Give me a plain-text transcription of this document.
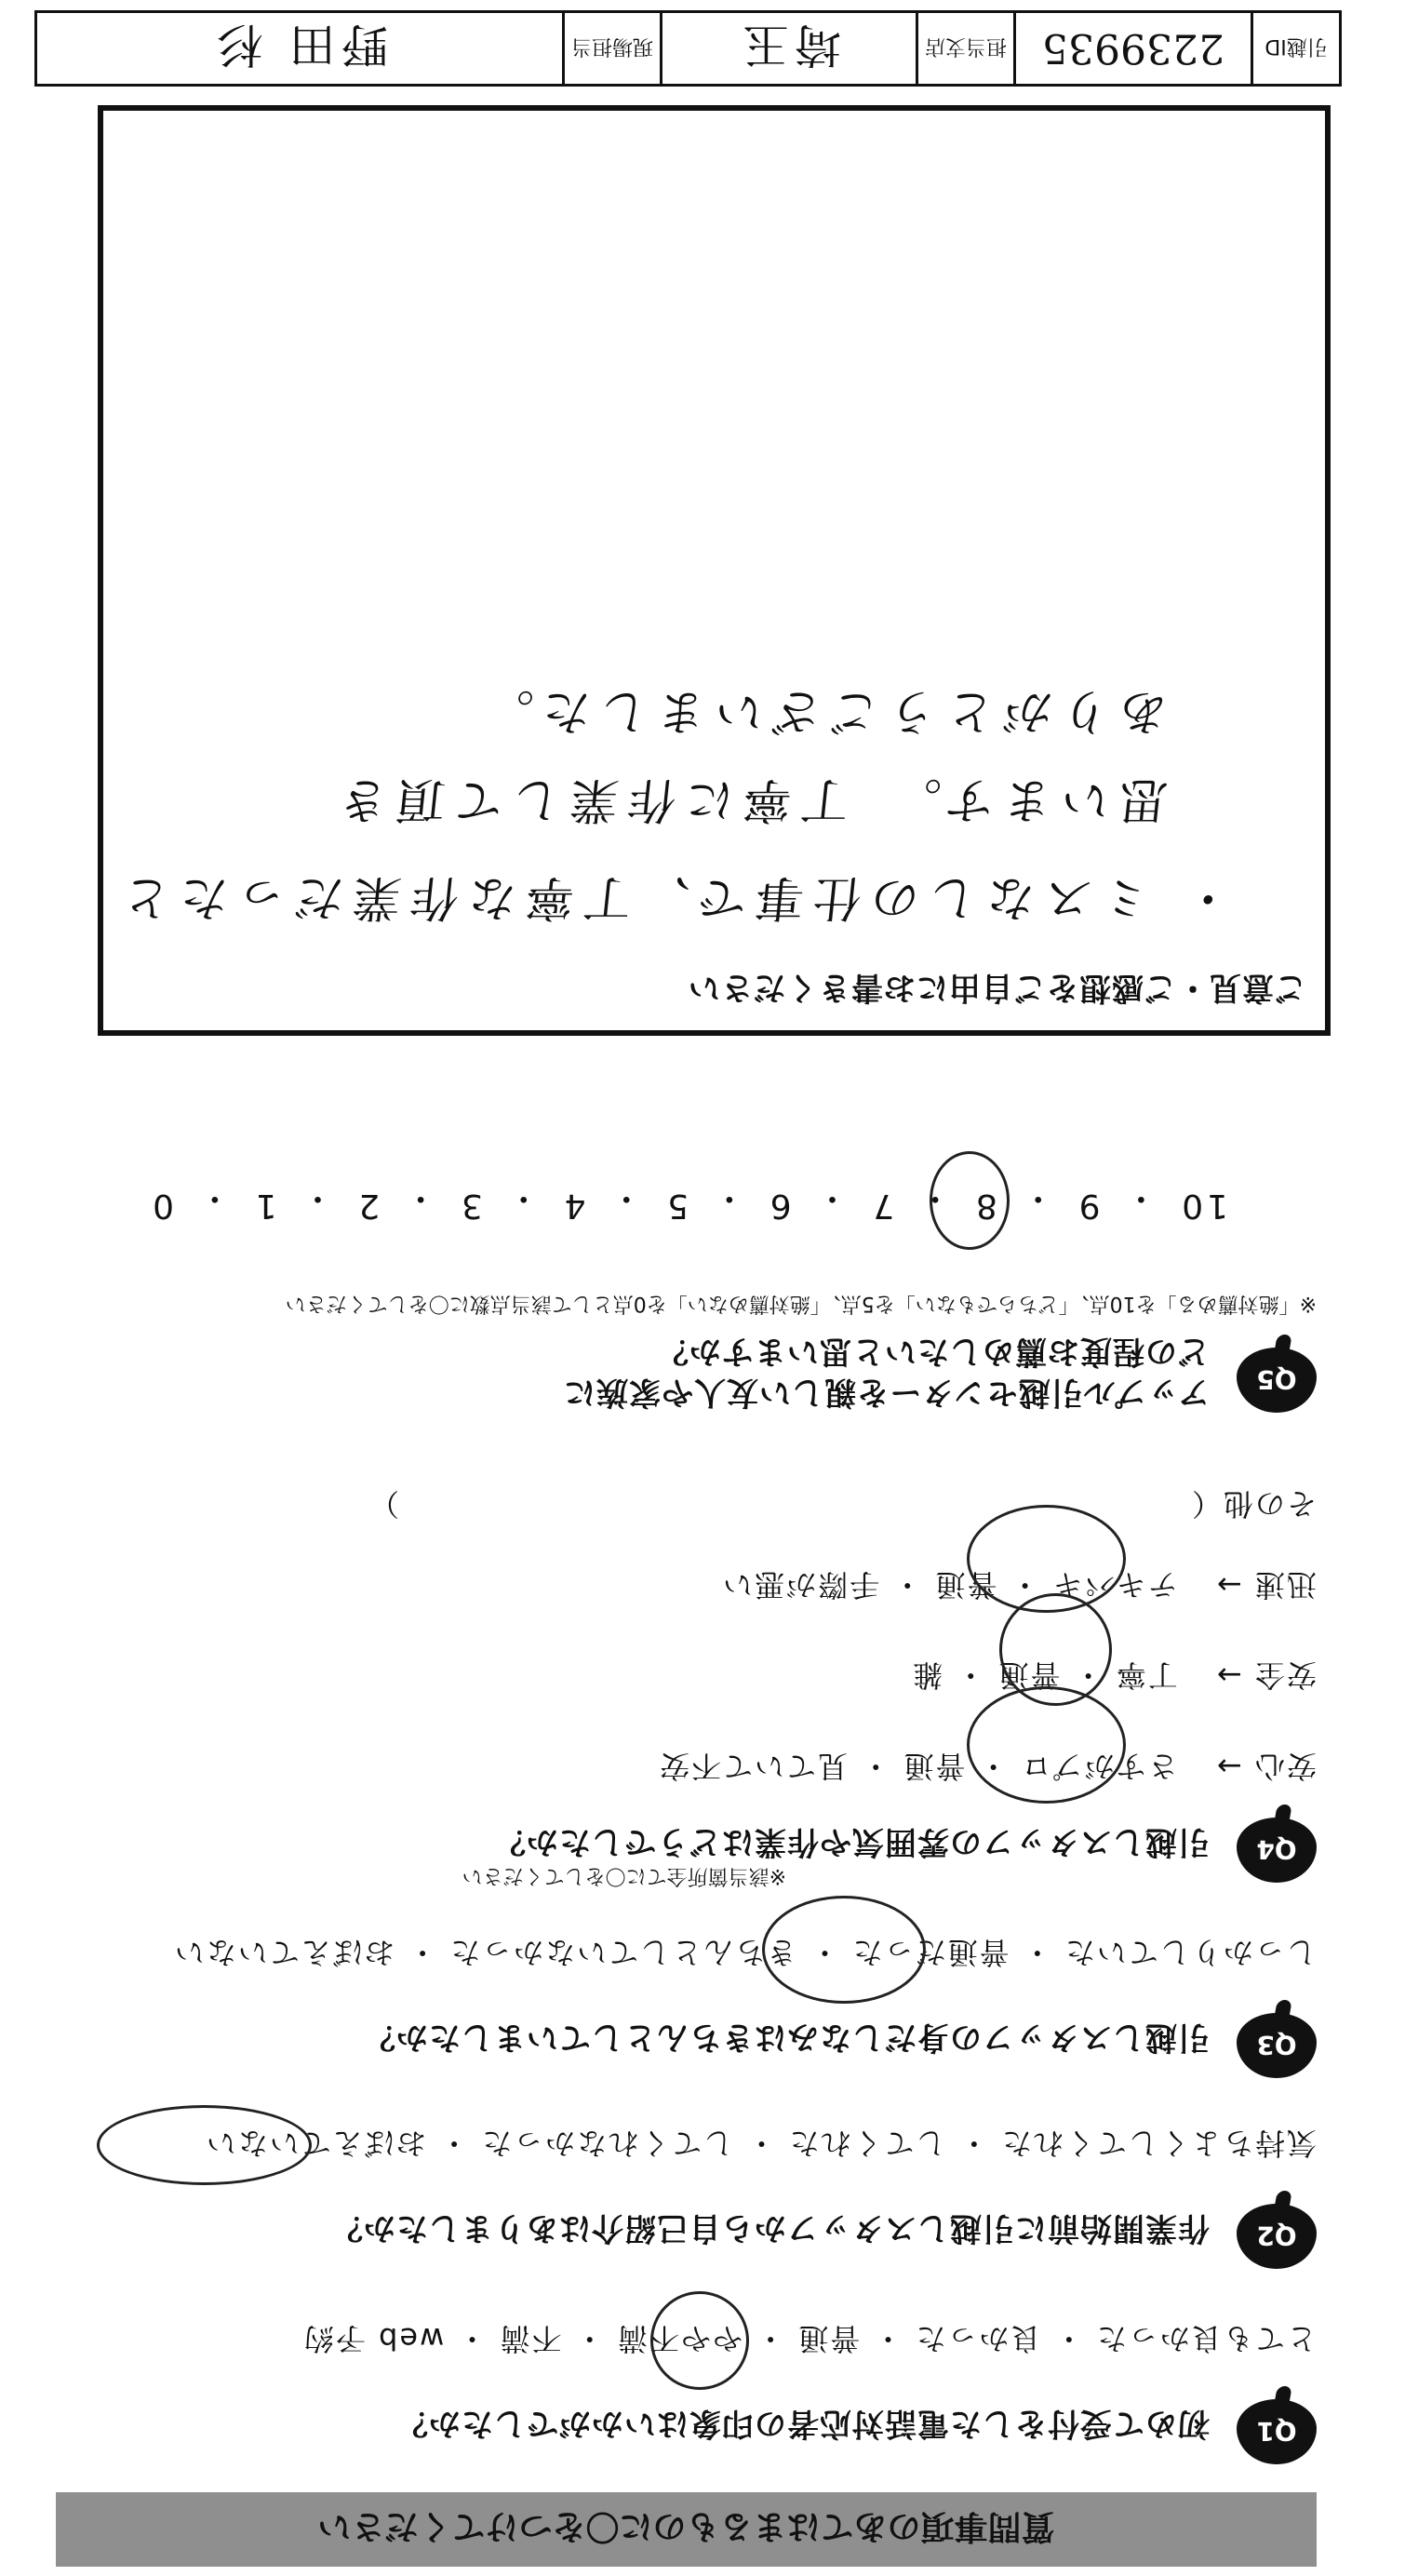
質問事項のあてはまるものに〇をつけてください
Q1
初めて受付をした電話対応者の印象はいかがでしたか？
とても良かった ・ 良かった ・ 普通 ・ やや不満 ・ 不満 ・ web 予約
Q2
作業開始前に引越しスタッフから自己紹介はありましたか？
気持ちよくしてくれた ・ してくれた ・ してくれなかった ・ おぼえていない
Q3
引越しスタッフの身だしなみはきちんとしていましたか？
しっかりしていた ・ 普通だった ・ きちんとしていなかった ・ おぼえていない
Q4
引越しスタッフの雰囲気や作業はどうでしたか？
※該当箇所全てに〇をしてください
安心 → さすがプロ ・ 普通 ・ 見ていて不安
安全 → 丁寧 ・ 普通 ・ 雑
迅速 → テキパキ ・ 普通 ・ 手際が悪い
その他（　　　　　　　　　　　　　　　　　　　　　　　　　）
Q5
アップル引越センターを親しい友人や家族に
どの程度お薦めしたいと思いますか？
※「絶対薦める」を10点、「どちらでもない」を5点、「絶対薦めない」を0点として該当点数に〇をしてください
10
・
9
・
8
・
7
・
6
・
5
・
4
・
3
・
2
・
1
・
0
ご意見・ご感想をご自由にお書きください
・ ミスなしの仕事で、丁寧な作業だったと
思います。　丁寧に作業して頂き
ありがとうございました。
引越ID
2239935
担当支店
埼玉
現場担当
野田 杉
